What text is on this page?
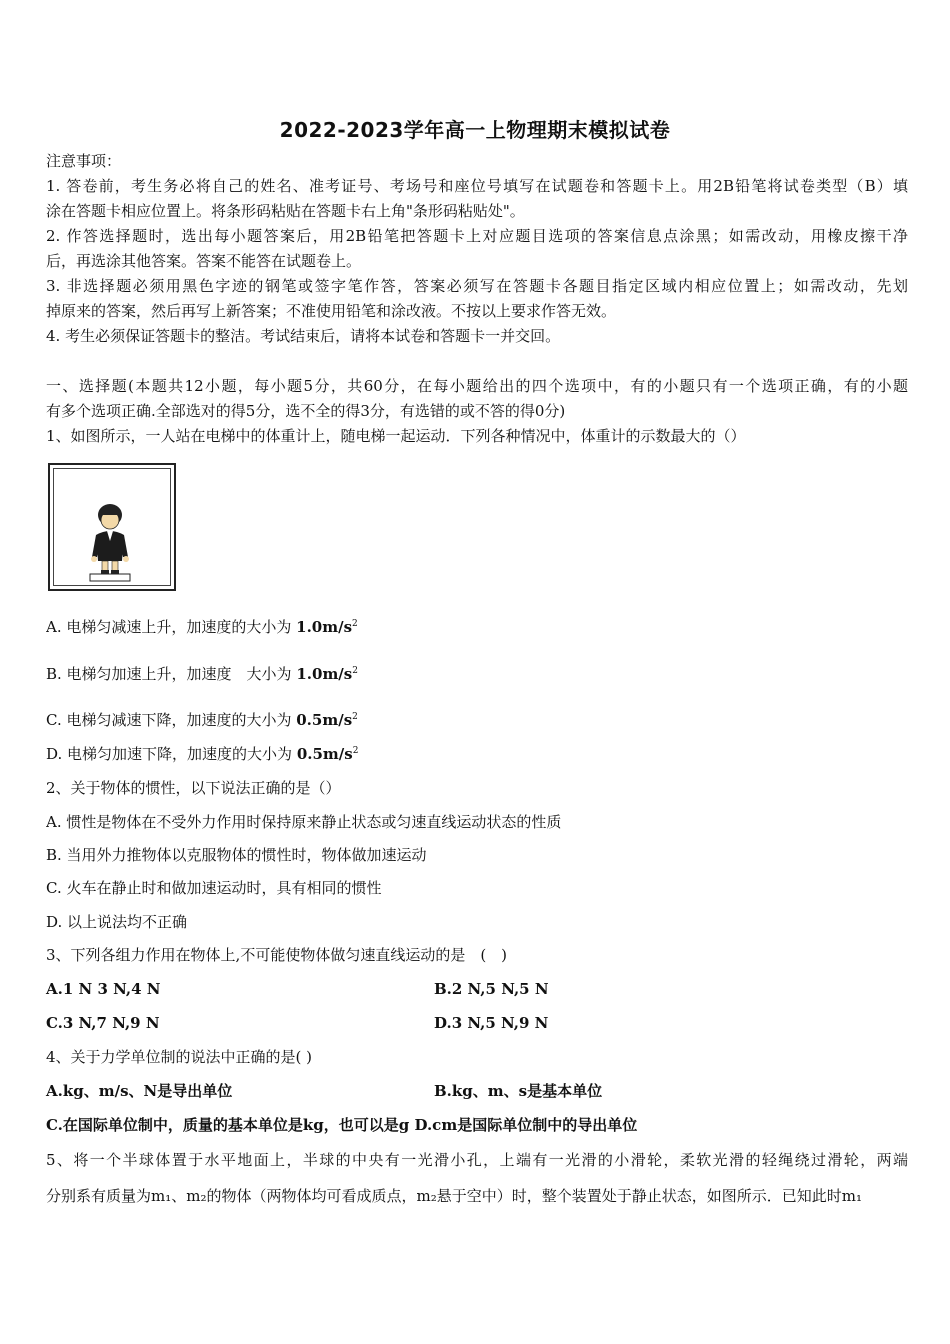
2022-2023学年高一上物理期末模拟试卷
注意事项：
1. 答卷前，考生务必将自己的姓名、准考证号、考场号和座位号填写在试题卷和答题卡上。用2B铅笔将试卷类型（B）填
涂在答题卡相应位置上。将条形码粘贴在答题卡右上角"条形码粘贴处"。
2. 作答选择题时，选出每小题答案后，用2B铅笔把答题卡上对应题目选项的答案信息点涂黑；如需改动，用橡皮擦干净
后，再选涂其他答案。答案不能答在试题卷上。
3. 非选择题必须用黑色字迹的钢笔或签字笔作答，答案必须写在答题卡各题目指定区域内相应位置上；如需改动，先划
掉原来的答案，然后再写上新答案；不准使用铅笔和涂改液。不按以上要求作答无效。
4. 考生必须保证答题卡的整洁。考试结束后，请将本试卷和答题卡一并交回。
一、选择题(本题共12小题，每小题5分，共60分，在每小题给出的四个选项中，有的小题只有一个选项正确，有的小题
有多个选项正确.全部选对的得5分，选不全的得3分，有选错的或不答的得0分)
1、如图所示，一人站在电梯中的体重计上，随电梯一起运动．下列各种情况中，体重计的示数最大的（）
A. 电梯匀减速上升，加速度的大小为 $1.0m/s^2$
B. 电梯匀加速上升，加速度　大小为 $1.0m/s^2$
C. 电梯匀减速下降，加速度的大小为 $0.5m/s^2$
D. 电梯匀加速下降，加速度的大小为 $0.5m/s^2$
2、关于物体的惯性，以下说法正确的是（）
A. 惯性是物体在不受外力作用时保持原来静止状态或匀速直线运动状态的性质
B. 当用外力推物体以克服物体的惯性时，物体做加速运动
C. 火车在静止时和做加速运动时，具有相同的惯性
D. 以上说法均不正确
3、下列各组力作用在物体上,不可能使物体做匀速直线运动的是　(　)
A.1 N 3 N,4 N	B.2 N,5 N,5 N
C.3 N,7 N,9 N	D.3 N,5 N,9 N
4、关于力学单位制的说法中正确的是( )
A.kg、m/s、N是导出单位	B.kg、m、s是基本单位
C.在国际单位制中，质量的基本单位是kg，也可以是g D.cm是国际单位制中的导出单位
5、将一个半球体置于水平地面上，半球的中央有一光滑小孔，上端有一光滑的小滑轮，柔软光滑的轻绳绕过滑轮，两端
分别系有质量为m₁、m₂的物体（两物体均可看成质点，m₂悬于空中）时，整个装置处于静止状态，如图所示．已知此时m₁
